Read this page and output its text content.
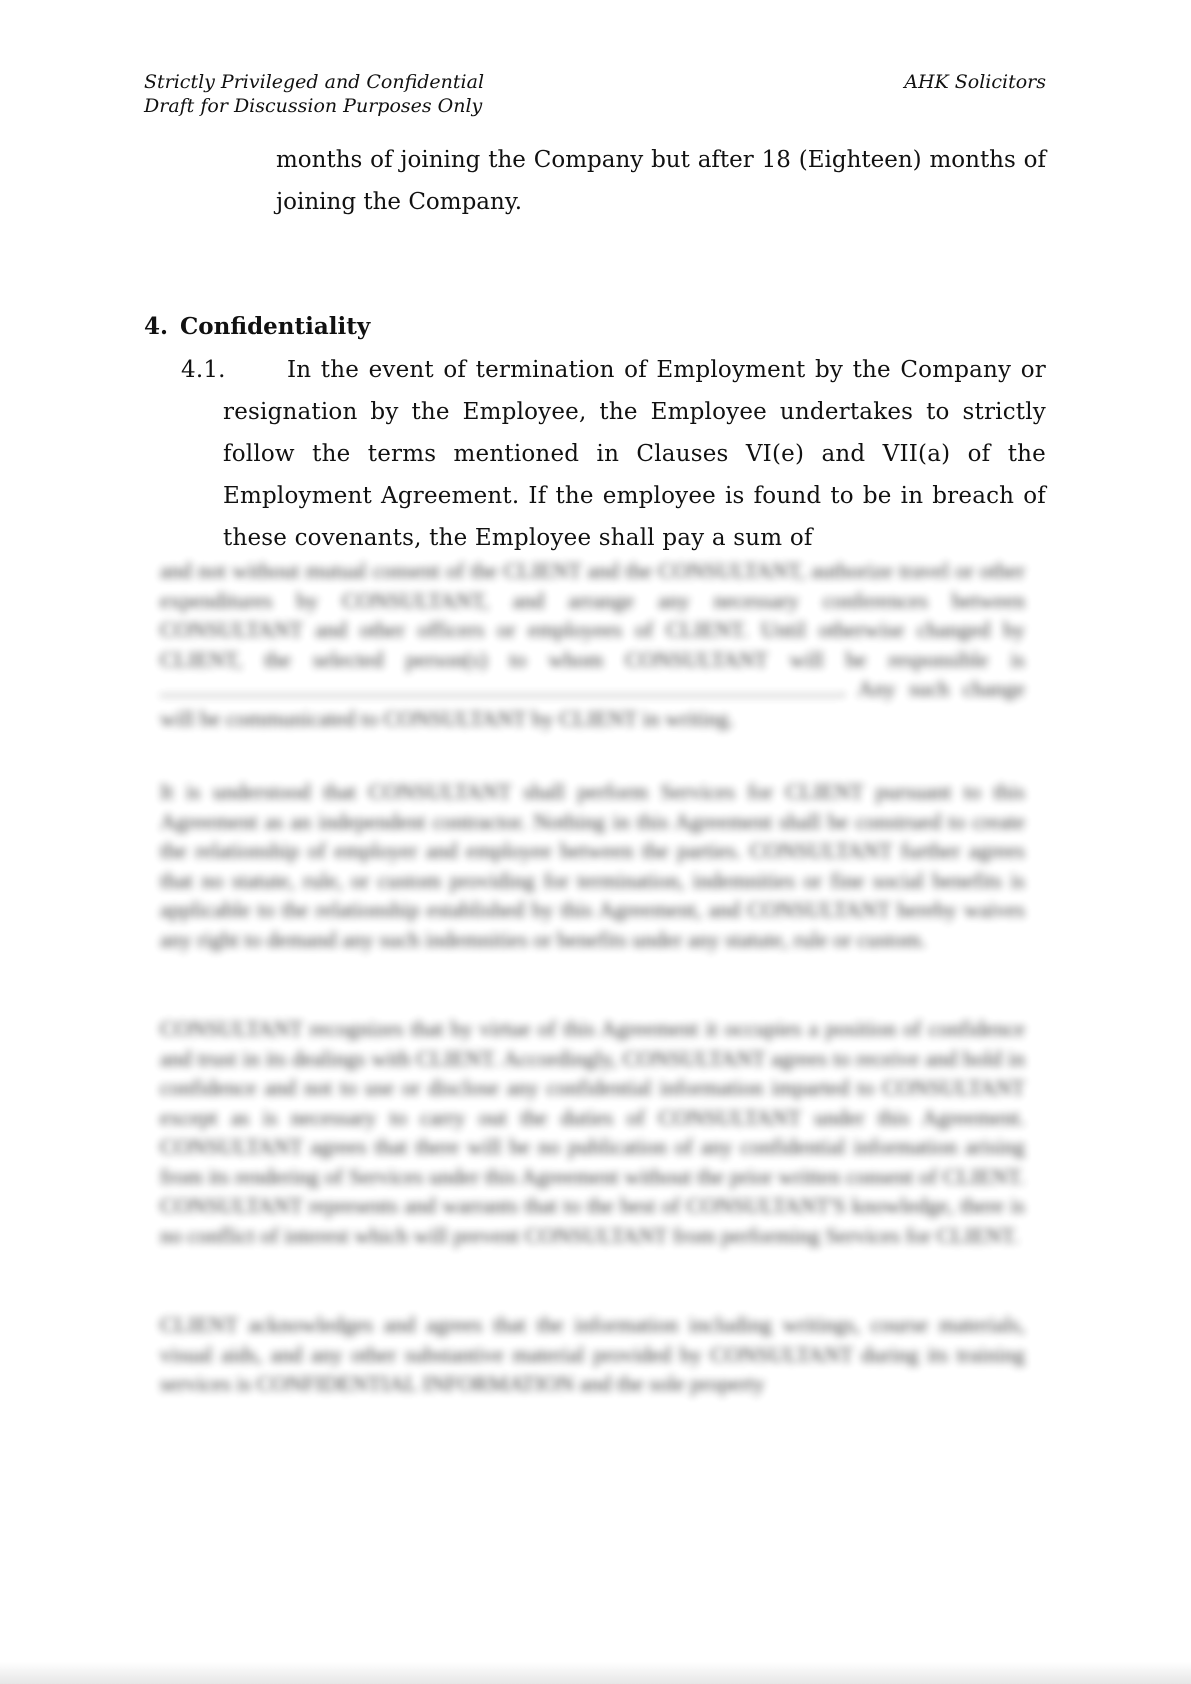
Strictly Privileged and Confidential
Draft for Discussion Purposes Only
AHK Solicitors
months of joining the Company but after 18 (Eighteen) months of joining the Company.
4. Confidentiality
4.1.	In the event of termination of Employment by the Company or resignation by the Employee, the Employee undertakes to strictly follow the terms mentioned in Clauses VI(e) and VII(a) of the Employment Agreement. If the employee is found to be in breach of these covenants, the Employee shall pay a sum of

and not without mutual consent of the CLIENT and the CONSULTANT, authorize travel or other expenditures by CONSULTANT, and arrange any necessary conferences between CONSULTANT and other officers or employees of CLIENT. Until otherwise changed by CLIENT, the selected person(s) to whom CONSULTANT will be responsible is . Any such change will be communicated to CONSULTANT by CLIENT in writing.

It is understood that CONSULTANT shall perform Services for CLIENT pursuant to this Agreement as an independent contractor. Nothing in this Agreement shall be construed to create the relationship of employer and employee between the parties. CONSULTANT further agrees that no statute, rule, or custom providing for termination, indemnities or fine social benefits is applicable to the relationship established by this Agreement, and CONSULTANT hereby waives any right to demand any such indemnities or benefits under any statute, rule or custom.

CONSULTANT recognizes that by virtue of this Agreement it occupies a position of confidence and trust in its dealings with CLIENT. Accordingly, CONSULTANT agrees to receive and hold in confidence and not to use or disclose any confidential information imparted to CONSULTANT except as is necessary to carry out the duties of CONSULTANT under this Agreement. CONSULTANT agrees that there will be no publication of any confidential information arising from its rendering of Services under this Agreement without the prior written consent of CLIENT. CONSULTANT represents and warrants that to the best of CONSULTANT'S knowledge, there is no conflict of interest which will prevent CONSULTANT from performing Services for CLIENT.

CLIENT acknowledges and agrees that the information including writings, course materials, visual aids, and any other substantive material provided by CONSULTANT during its training services is CONFIDENTIAL INFORMATION and the sole property
